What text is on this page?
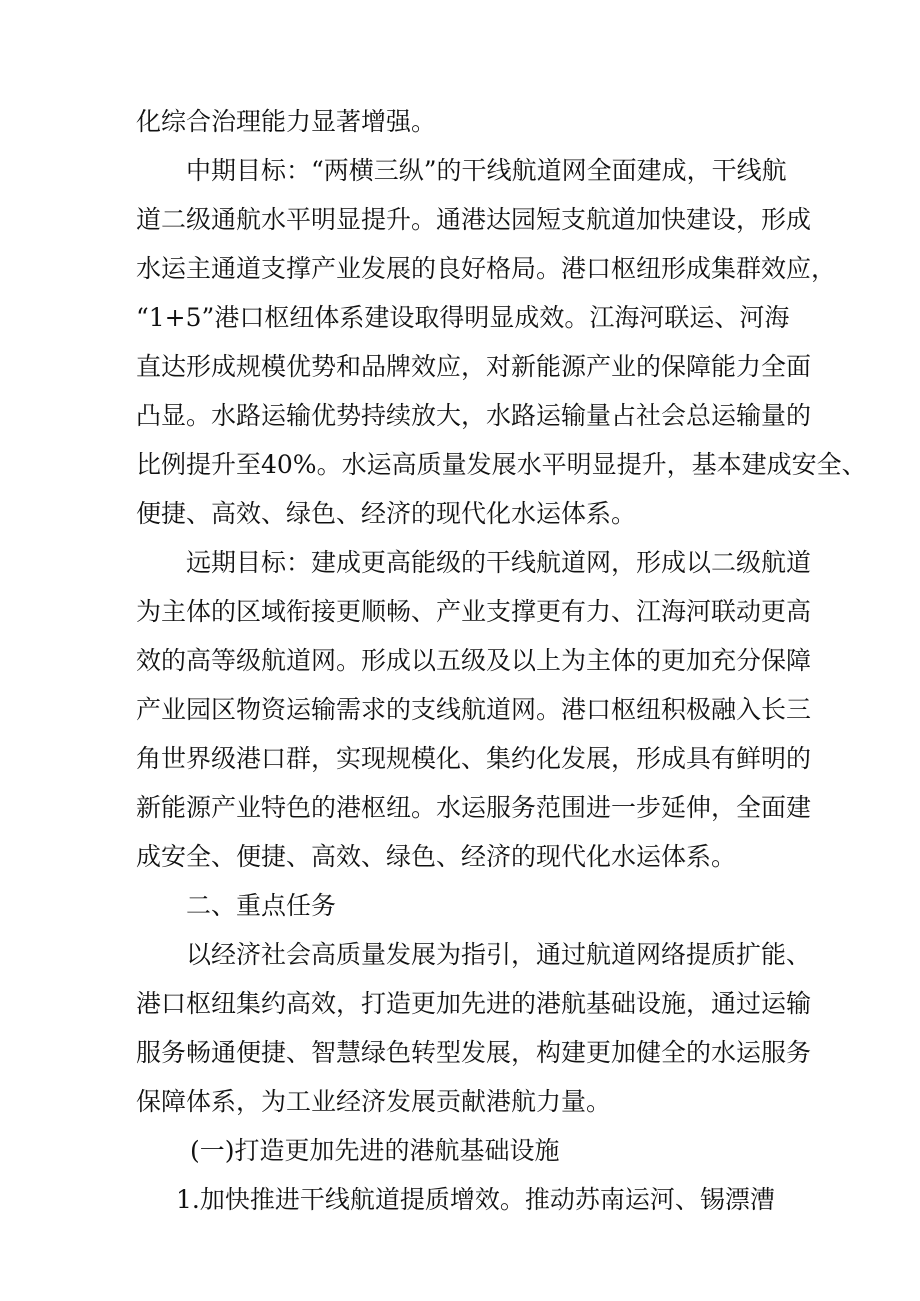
化综合治理能力显著增强。
中期目标：“两横三纵”的干线航道网全面建成，干线航
道二级通航水平明显提升。通港达园短支航道加快建设，形成
水运主通道支撑产业发展的良好格局。港口枢纽形成集群效应，
“1+5”港口枢纽体系建设取得明显成效。江海河联运、河海
直达形成规模优势和品牌效应，对新能源产业的保障能力全面
凸显。水路运输优势持续放大，水路运输量占社会总运输量的
比例提升至40%。水运高质量发展水平明显提升，基本建成安全、
便捷、高效、绿色、经济的现代化水运体系。
远期目标：建成更高能级的干线航道网，形成以二级航道
为主体的区域衔接更顺畅、产业支撑更有力、江海河联动更高
效的高等级航道网。形成以五级及以上为主体的更加充分保障
产业园区物资运输需求的支线航道网。港口枢纽积极融入长三
角世界级港口群，实现规模化、集约化发展，形成具有鲜明的
新能源产业特色的港枢纽。水运服务范围进一步延伸，全面建
成安全、便捷、高效、绿色、经济的现代化水运体系。
二、重点任务
以经济社会高质量发展为指引，通过航道网络提质扩能、
港口枢纽集约高效，打造更加先进的港航基础设施，通过运输
服务畅通便捷、智慧绿色转型发展，构建更加健全的水运服务
保障体系，为工业经济发展贡献港航力量。
(一)打造更加先进的港航基础设施
1.加快推进干线航道提质增效。推动苏南运河、锡漂漕
